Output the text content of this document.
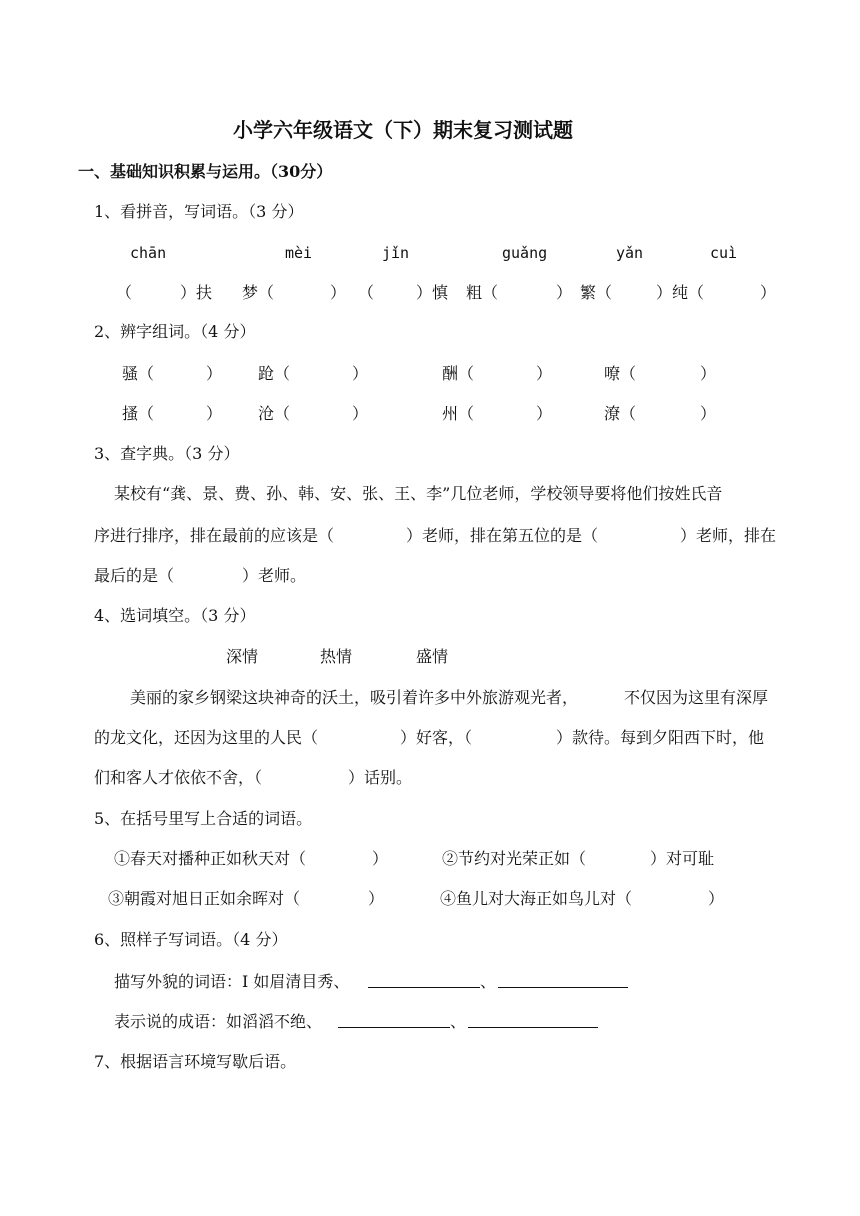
小学六年级语文（下）期末复习测试题
一、基础知识积累与运用。（30分）
1、看拼音，写词语。（3 分）
chān	mèi	jǐn	guǎng	yǎn	cuì
（	）扶 梦（	） （	）慎 粗（	） 繁（	）纯（	）
2、辨字组词。（4 分）
骚（	） 跄（	）	酬（	）	嘹（	）
搔（	） 沧（	）	州（	）	潦（	）
3、查字典。（3 分）
某校有“龚、景、费、孙、韩、安、张、王、李”几位老师，学校领导要将他们按姓氏音
序进行排序，排在最前的应该是（	）老师，排在第五位的是（	）老师，排在
最后的是（	）老师。
4、选词填空。（3 分）
深情	热情	盛情
美丽的家乡钢梁这块神奇的沃土，吸引着许多中外旅游观光者，	不仅因为这里有深厚
的龙文化，还因为这里的人民（	）好客，（	）款待。每到夕阳西下时，他
们和客人才依依不舍，（	）话别。
5、在括号里写上合适的词语。
①春天对播种正如秋天对（	）	②节约对光荣正如（	）对可耻
③朝霞对旭日正如余晖对（	）	④鱼儿对大海正如鸟儿对（	）
6、照样子写词语。（4 分）
描写外貌的词语：I 如眉清目秀、	、
表示说的成语：如滔滔不绝、	、
7、根据语言环境写歇后语。
